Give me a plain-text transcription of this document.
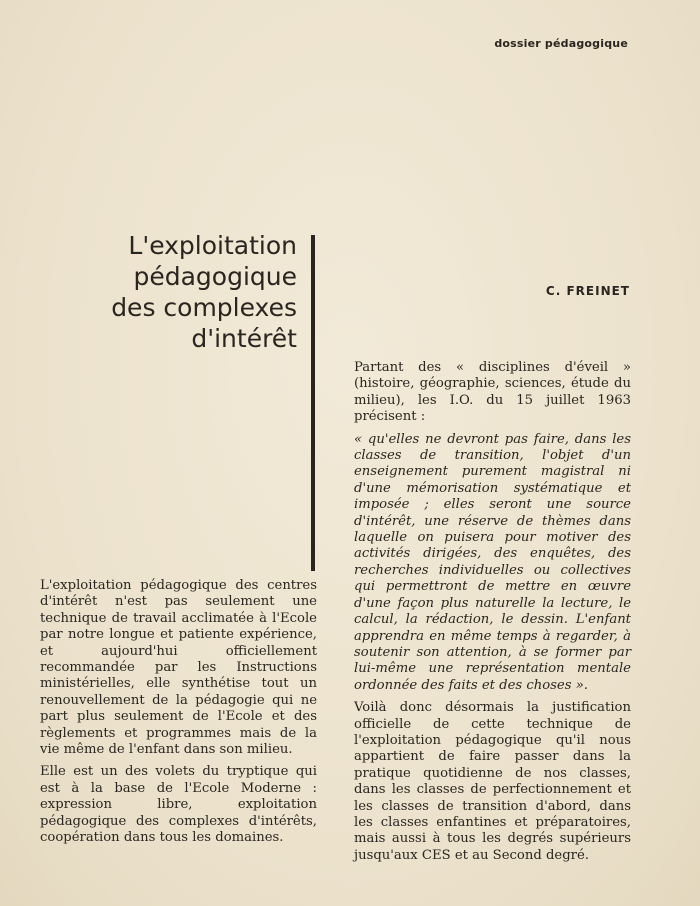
dossier pédagogique
L'exploitation
pédagogique
des complexes
d'intérêt
C. FREINET

L'exploitation pédagogique des centres d'intérêt n'est pas seulement une technique de travail acclimatée à l'Ecole par notre longue et patiente expérience, et aujourd'hui officiellement recommandée par les Instructions ministérielles, elle synthétise tout un renouvellement de la pédagogie qui ne part plus seulement de l'Ecole et des règlements et programmes mais de la vie même de l'enfant dans son milieu.

Elle est un des volets du tryptique qui est à la base de l'Ecole Moderne : expression libre, exploitation pédagogique des complexes d'intérêts, coopération dans tous les domaines.

Partant des « disciplines d'éveil » (histoire, géographie, sciences, étude du milieu), les I.O. du 15 juillet 1963 précisent :

« qu'elles ne devront pas faire, dans les classes de transition, l'objet d'un enseignement purement magistral ni d'une mémorisation systématique et imposée ; elles seront une source d'intérêt, une réserve de thèmes dans laquelle on puisera pour motiver des activités dirigées, des enquêtes, des recherches individuelles ou collectives qui permettront de mettre en œuvre d'une façon plus naturelle la lecture, le calcul, la rédaction, le dessin. L'enfant apprendra en même temps à regarder, à soutenir son attention, à se former par lui-même une représentation mentale ordonnée des faits et des choses ».

Voilà donc désormais la justification officielle de cette technique de l'exploitation pédagogique qu'il nous appartient de faire passer dans la pratique quotidienne de nos classes, dans les classes de perfectionnement et les classes de transition d'abord, dans les classes enfantines et préparatoires, mais aussi à tous les degrés supérieurs jusqu'aux CES et au Second degré.
